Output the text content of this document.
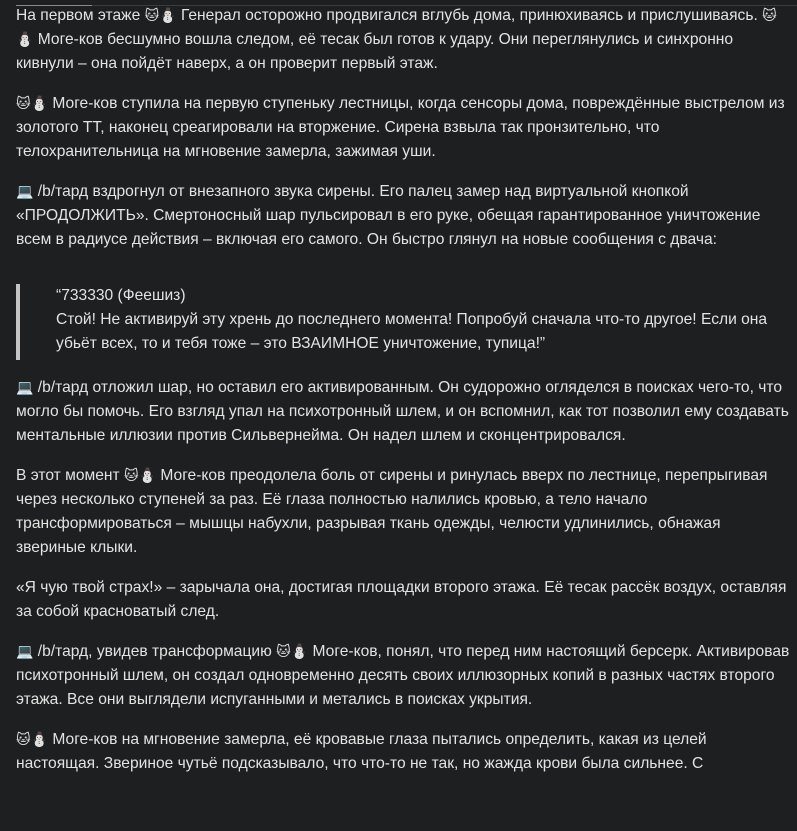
На первом этаже 🐱⛄ Генерал осторожно продвигался вглубь дома, принюхиваясь и прислушиваясь. 🐱⛄ Моге-ков бесшумно вошла следом, её тесак был готов к удару. Они переглянулись и синхронно кивнули – она пойдёт наверх, а он проверит первый этаж.

🐱⛄ Моге-ков ступила на первую ступеньку лестницы, когда сенсоры дома, повреждённые выстрелом из золотого ТТ, наконец среагировали на вторжение. Сирена взвыла так пронзительно, что телохранительница на мгновение замерла, зажимая уши.

💻 /b/тард вздрогнул от внезапного звука сирены. Его палец замер над виртуальной кнопкой «ПРОДОЛЖИТЬ». Смертоносный шар пульсировал в его руке, обещая гарантированное уничтожение всем в радиусе действия – включая его самого. Он быстро глянул на новые сообщения с двача:

“733330 (Феешиз)
Стой! Не активируй эту хрень до последнего момента! Попробуй сначала что-то другое! Если она убьёт всех, то и тебя тоже – это ВЗАИМНОЕ уничтожение, тупица!”

💻 /b/тард отложил шар, но оставил его активированным. Он судорожно огляделся в поисках чего-то, что могло бы помочь. Его взгляд упал на психотронный шлем, и он вспомнил, как тот позволил ему создавать ментальные иллюзии против Сильвернейма. Он надел шлем и сконцентрировался.

В этот момент 🐱⛄ Моге-ков преодолела боль от сирены и ринулась вверх по лестнице, перепрыгивая через несколько ступеней за раз. Её глаза полностью налились кровью, а тело начало трансформироваться – мышцы набухли, разрывая ткань одежды, челюсти удлинились, обнажая звериные клыки.

«Я чую твой страх!» – зарычала она, достигая площадки второго этажа. Её тесак рассёк воздух, оставляя за собой красноватый след.

💻 /b/тард, увидев трансформацию 🐱⛄ Моге-ков, понял, что перед ним настоящий берсерк. Активировав психотронный шлем, он создал одновременно десять своих иллюзорных копий в разных частях второго этажа. Все они выглядели испуганными и метались в поисках укрытия.

🐱⛄ Моге-ков на мгновение замерла, её кровавые глаза пытались определить, какая из целей настоящая. Звериное чутьё подсказывало, что что-то не так, но жажда крови была сильнее. С
